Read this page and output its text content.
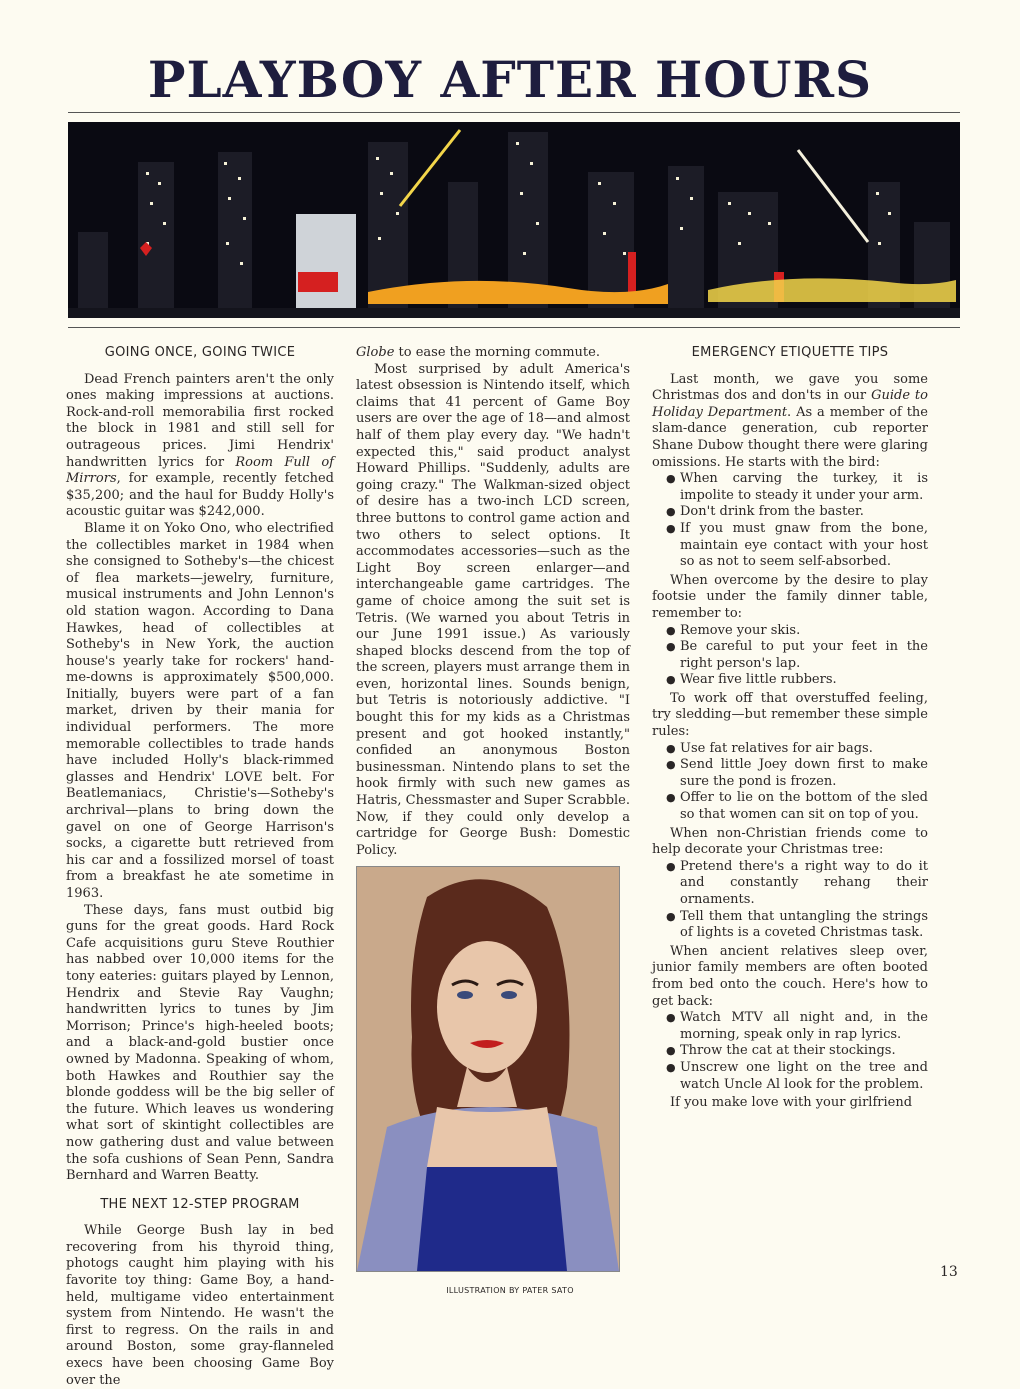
PLAYBOY AFTER HOURS
GOING ONCE, GOING TWICE

Dead French painters aren't the only ones making impressions at auctions. Rock-and-roll memorabilia first rocked the block in 1981 and still sell for outrageous prices. Jimi Hendrix' handwritten lyrics for Room Full of Mirrors, for example, recently fetched $35,200; and the haul for Buddy Holly's acoustic guitar was $242,000.

Blame it on Yoko Ono, who electrified the collectibles market in 1984 when she consigned to Sotheby's—the chicest of flea markets—jewelry, furniture, musical instruments and John Lennon's old station wagon. According to Dana Hawkes, head of collectibles at Sotheby's in New York, the auction house's yearly take for rockers' hand-me-downs is approximately $500,000. Initially, buyers were part of a fan market, driven by their mania for individual performers. The more memorable collectibles to trade hands have included Holly's black-rimmed glasses and Hendrix' LOVE belt. For Beatlemaniacs, Christie's—Sotheby's archrival—plans to bring down the gavel on one of George Harrison's socks, a cigarette butt retrieved from his car and a fossilized morsel of toast from a breakfast he ate sometime in 1963.

These days, fans must outbid big guns for the great goods. Hard Rock Cafe acquisitions guru Steve Routhier has nabbed over 10,000 items for the tony eateries: guitars played by Lennon, Hendrix and Stevie Ray Vaughn; handwritten lyrics to tunes by Jim Morrison; Prince's high-heeled boots; and a black-and-gold bustier once owned by Madonna. Speaking of whom, both Hawkes and Routhier say the blonde goddess will be the big seller of the future. Which leaves us wondering what sort of skintight collectibles are now gathering dust and value between the sofa cushions of Sean Penn, Sandra Bernhard and Warren Beatty.

THE NEXT 12-STEP PROGRAM

While George Bush lay in bed recovering from his thyroid thing, photogs caught him playing with his favorite toy thing: Game Boy, a hand-held, multigame video entertainment system from Nintendo. He wasn't the first to regress. On the rails in and around Boston, some gray-flanneled execs have been choosing Game Boy over the

Globe to ease the morning commute.

Most surprised by adult America's latest obsession is Nintendo itself, which claims that 41 percent of Game Boy users are over the age of 18—and almost half of them play every day. "We hadn't expected this," said product analyst Howard Phillips. "Suddenly, adults are going crazy." The Walkman-sized object of desire has a two-inch LCD screen, three buttons to control game action and two others to select options. It accommodates accessories—such as the Light Boy screen enlarger—and interchangeable game cartridges. The game of choice among the suit set is Tetris. (We warned you about Tetris in our June 1991 issue.) As variously shaped blocks descend from the top of the screen, players must arrange them in even, horizontal lines. Sounds benign, but Tetris is notoriously addictive. "I bought this for my kids as a Christmas present and got hooked instantly," confided an anonymous Boston businessman. Nintendo plans to set the hook firmly with such new games as Hatris, Chessmaster and Super Scrabble. Now, if they could only develop a cartridge for George Bush: Domestic Policy.

EMERGENCY ETIQUETTE TIPS

Last month, we gave you some Christmas dos and don'ts in our Guide to Holiday Department. As a member of the slam-dance generation, cub reporter Shane Dubow thought there were glaring omissions. He starts with the bird:

● When carving the turkey, it is impolite to steady it under your arm.
● Don't drink from the baster.
● If you must gnaw from the bone, maintain eye contact with your host so as not to seem self-absorbed.

When overcome by the desire to play footsie under the family dinner table, remember to:

● Remove your skis.
● Be careful to put your feet in the right person's lap.
● Wear five little rubbers.

To work off that overstuffed feeling, try sledding—but remember these simple rules:

● Use fat relatives for air bags.
● Send little Joey down first to make sure the pond is frozen.
● Offer to lie on the bottom of the sled so that women can sit on top of you.

When non-Christian friends come to help decorate your Christmas tree:

● Pretend there's a right way to do it and constantly rehang their ornaments.
● Tell them that untangling the strings of lights is a coveted Christmas task.

When ancient relatives sleep over, junior family members are often booted from bed onto the couch. Here's how to get back:

● Watch MTV all night and, in the morning, speak only in rap lyrics.
● Throw the cat at their stockings.
● Unscrew one light on the tree and watch Uncle Al look for the problem.

If you make love with your girlfriend

ILLUSTRATION BY PATER SATO
13
